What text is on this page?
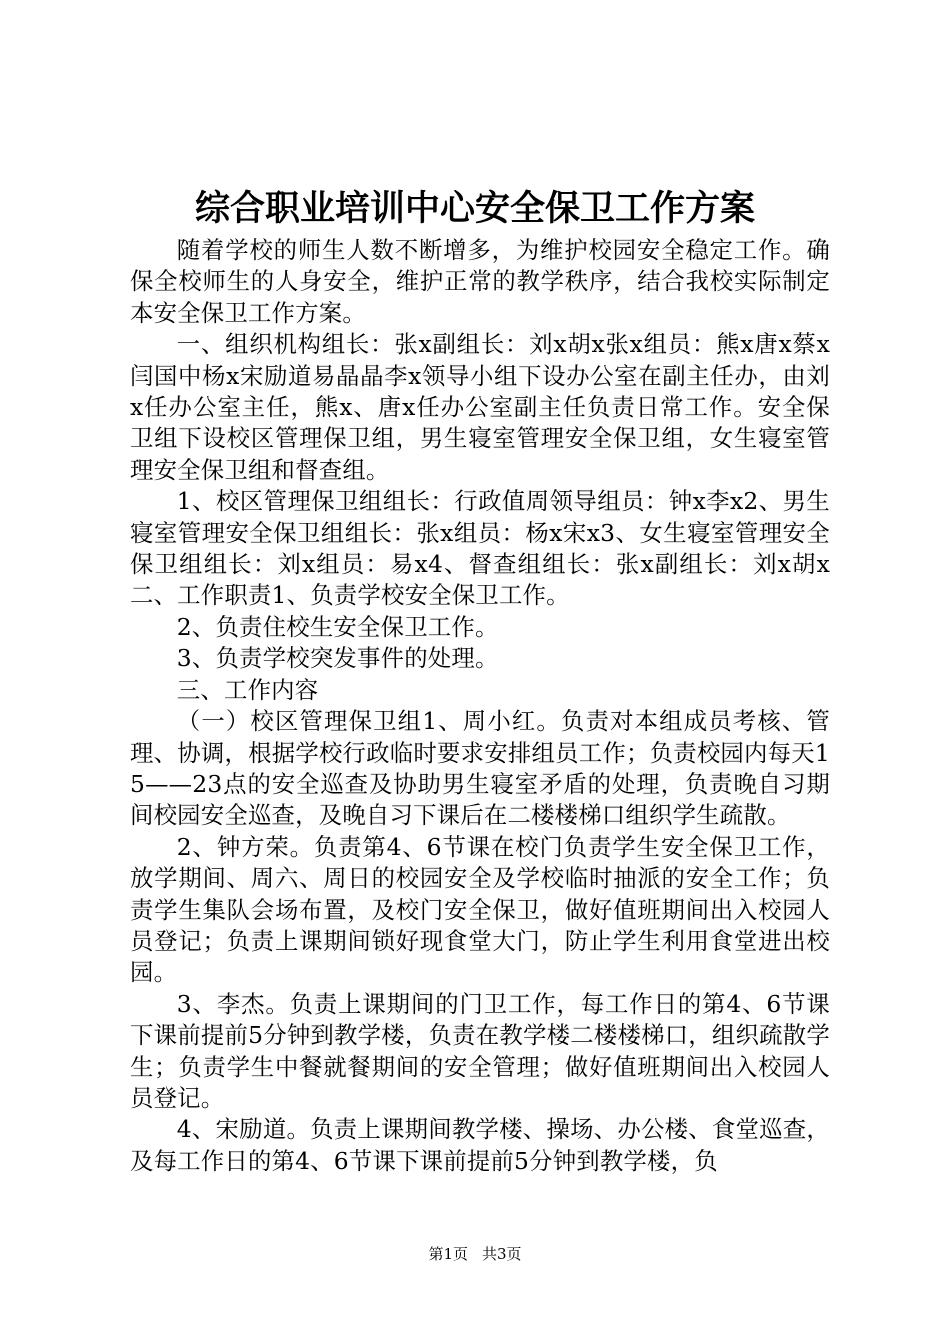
综合职业培训中心安全保卫工作方案

随着学校的师生人数不断增多，为维护校园安全稳定工作。确保全校师生的人身安全，维护正常的教学秩序，结合我校实际制定本安全保卫工作方案。

一、组织机构组长：张x副组长：刘x胡x张x组员：熊x唐x蔡x闫国中杨x宋励道易晶晶李x领导小组下设办公室在副主任办，由刘x任办公室主任，熊x、唐x任办公室副主任负责日常工作。安全保卫组下设校区管理保卫组，男生寝室管理安全保卫组，女生寝室管理安全保卫组和督查组。

1、校区管理保卫组组长：行政值周领导组员：钟x李x2、男生寝室管理安全保卫组组长：张x组员：杨x宋x3、女生寝室管理安全保卫组组长：刘x组员：易x4、督查组组长：张x副组长：刘x胡x二、工作职责1、负责学校安全保卫工作。

2、负责住校生安全保卫工作。

3、负责学校突发事件的处理。

三、工作内容

（一）校区管理保卫组1、周小红。负责对本组成员考核、管理、协调，根据学校行政临时要求安排组员工作；负责校园内每天15——23点的安全巡查及协助男生寝室矛盾的处理，负责晚自习期间校园安全巡查，及晚自习下课后在二楼楼梯口组织学生疏散。

2、钟方荣。负责第4、6节课在校门负责学生安全保卫工作，放学期间、周六、周日的校园安全及学校临时抽派的安全工作；负责学生集队会场布置，及校门安全保卫，做好值班期间出入校园人员登记；负责上课期间锁好现食堂大门，防止学生利用食堂进出校园。

3、李杰。负责上课期间的门卫工作，每工作日的第4、6节课下课前提前5分钟到教学楼，负责在教学楼二楼楼梯口，组织疏散学生；负责学生中餐就餐期间的安全管理；做好值班期间出入校园人员登记。

4、宋励道。负责上课期间教学楼、操场、办公楼、食堂巡查，及每工作日的第4、6节课下课前提前5分钟到教学楼，负

第1页 共3页
